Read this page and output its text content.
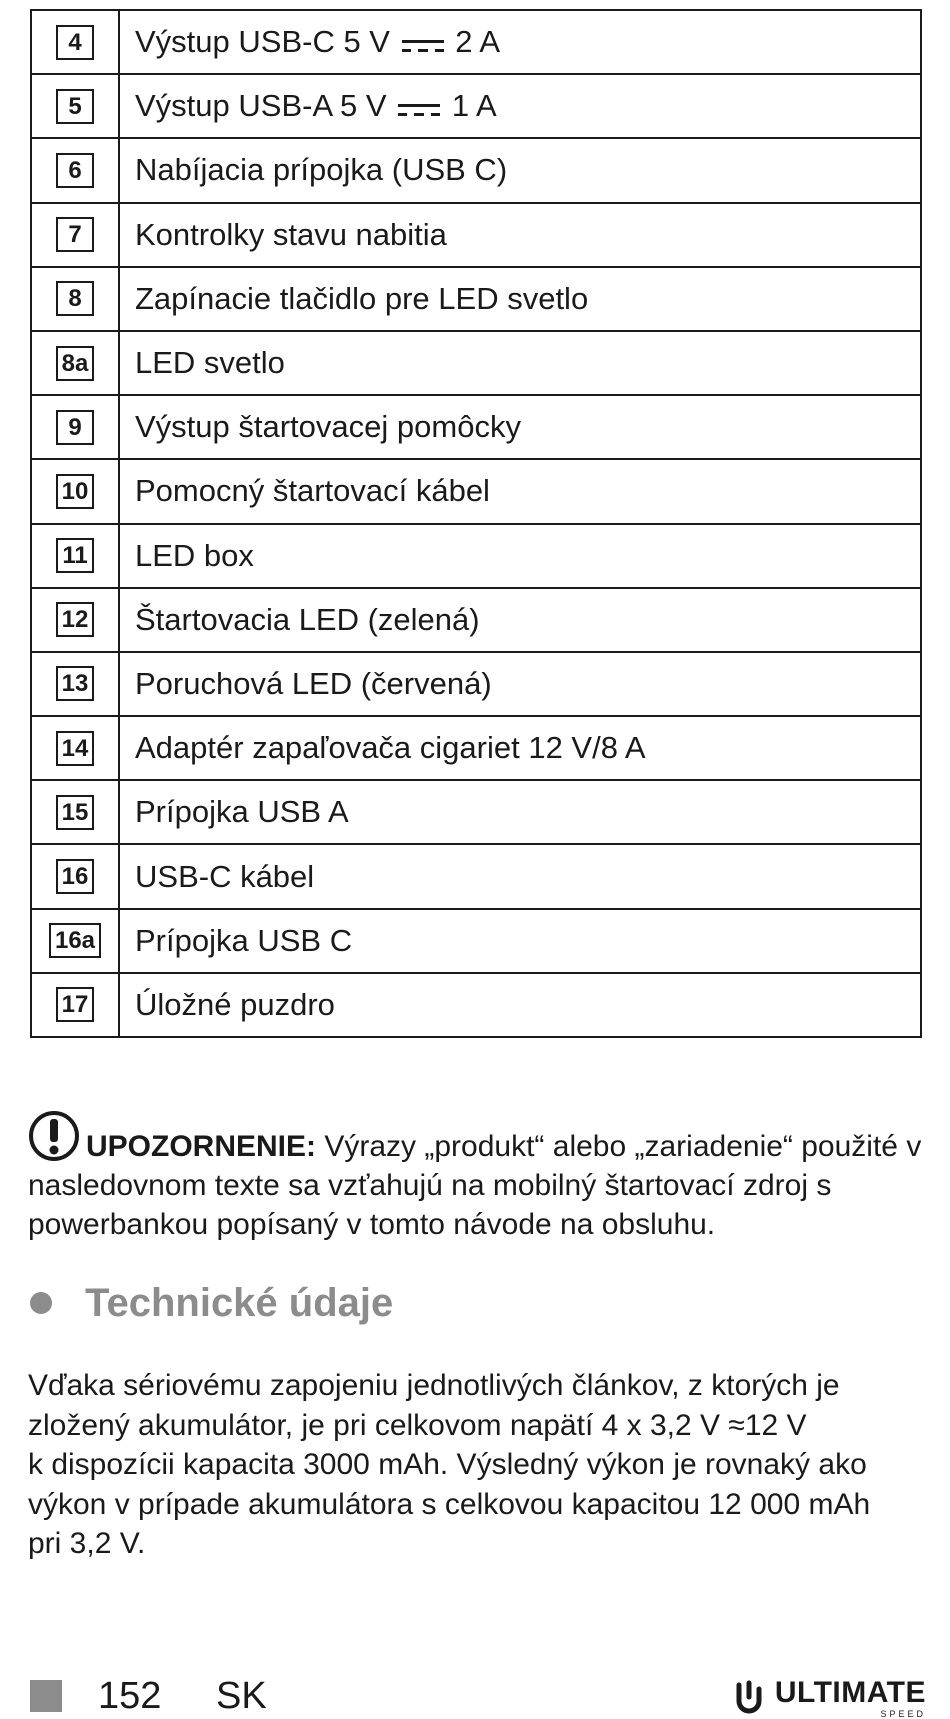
4	Výstup USB-C 5 V 2 A
5	Výstup USB-A 5 V 1 A
6	Nabíjacia prípojka (USB C)
7	Kontrolky stavu nabitia
8	Zapínacie tlačidlo pre LED svetlo
8a	LED svetlo
9	Výstup štartovacej pomôcky
10	Pomocný štartovací kábel
11	LED box
12	Štartovacia LED (zelená)
13	Poruchová LED (červená)
14	Adaptér zapaľovača cigariet 12 V/8 A
15	Prípojka USB A
16	USB-C kábel
16a	Prípojka USB C
17	Úložné puzdro
UPOZORNENIE: Výrazy „produkt“ alebo „zariadenie“ použité v nasledovnom texte sa vzťahujú na mobilný štartovací zdroj s powerbankou popísaný v tomto návode na obsluhu.
Technické údaje
Vďaka sériovému zapojeniu jednotlivých článkov, z ktorých je
zložený akumulátor, je pri celkovom napätí 4 x 3,2 V ≈12 V
k dispozícii kapacita 3000 mAh. Výsledný výkon je rovnaký ako
výkon v prípade akumulátora s celkovou kapacitou 12 000 mAh
pri 3,2 V.
152 SK	ULTIMATE
SPEED
